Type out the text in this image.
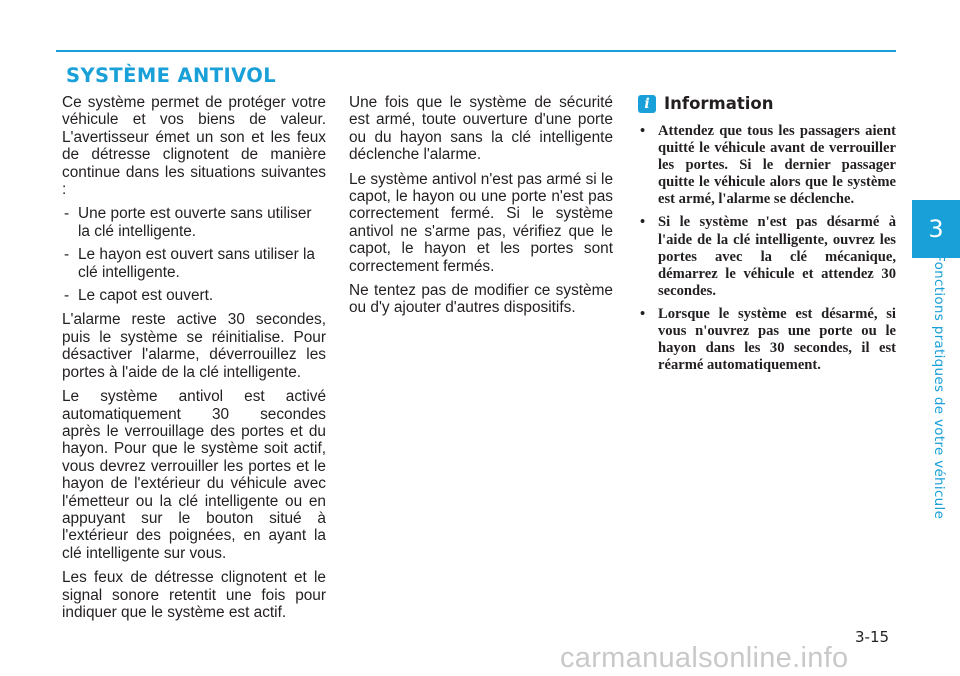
SYSTÈME ANTIVOL

Ce système permet de protéger votre véhicule et vos biens de valeur. L'avertisseur émet un son et les feux de détresse clignotent de manière continue dans les situations suivantes :

- Une porte est ouverte sans utiliser la clé intelligente.
- Le hayon est ouvert sans utiliser la clé intelligente.
- Le capot est ouvert.

L'alarme reste active 30 secondes, puis le système se réinitialise. Pour désactiver l'alarme, déverrouillez les portes à l'aide de la clé intelligente.

Le système antivol est activé
automatiquement 30 secondes
après le verrouillage des portes et du hayon. Pour que le système soit actif, vous devrez verrouiller les portes et le hayon de l'extérieur du véhicule avec l'émetteur ou la clé intelligente ou en appuyant sur le bouton situé à l'extérieur des poignées, en ayant la clé intelligente sur vous.

Les feux de détresse clignotent et le signal sonore retentit une fois pour indiquer que le système est actif.

Une fois que le système de sécurité est armé, toute ouverture d'une porte ou du hayon sans la clé intelligente déclenche l'alarme.

Le système antivol n'est pas armé si le capot, le hayon ou une porte n'est pas correctement fermé. Si le système antivol ne s'arme pas, vérifiez que le capot, le hayon et les portes sont correctement fermés.

Ne tentez pas de modifier ce système ou d'y ajouter d'autres dispositifs.

i Information
• Attendez que tous les passagers aient quitté le véhicule avant de verrouiller les portes. Si le dernier passager quitte le véhicule alors que le système est armé, l'alarme se déclenche.
• Si le système n'est pas désarmé à l'aide de la clé intelligente, ouvrez les portes avec la clé mécanique, démarrez le véhicule et attendez 30 secondes.
• Lorsque le système est désarmé, si vous n'ouvrez pas une porte ou le hayon dans les 30 secondes, il est réarmé automatiquement.
3
Fonctions pratiques de votre véhicule
3-15
carmanualsonline.info
